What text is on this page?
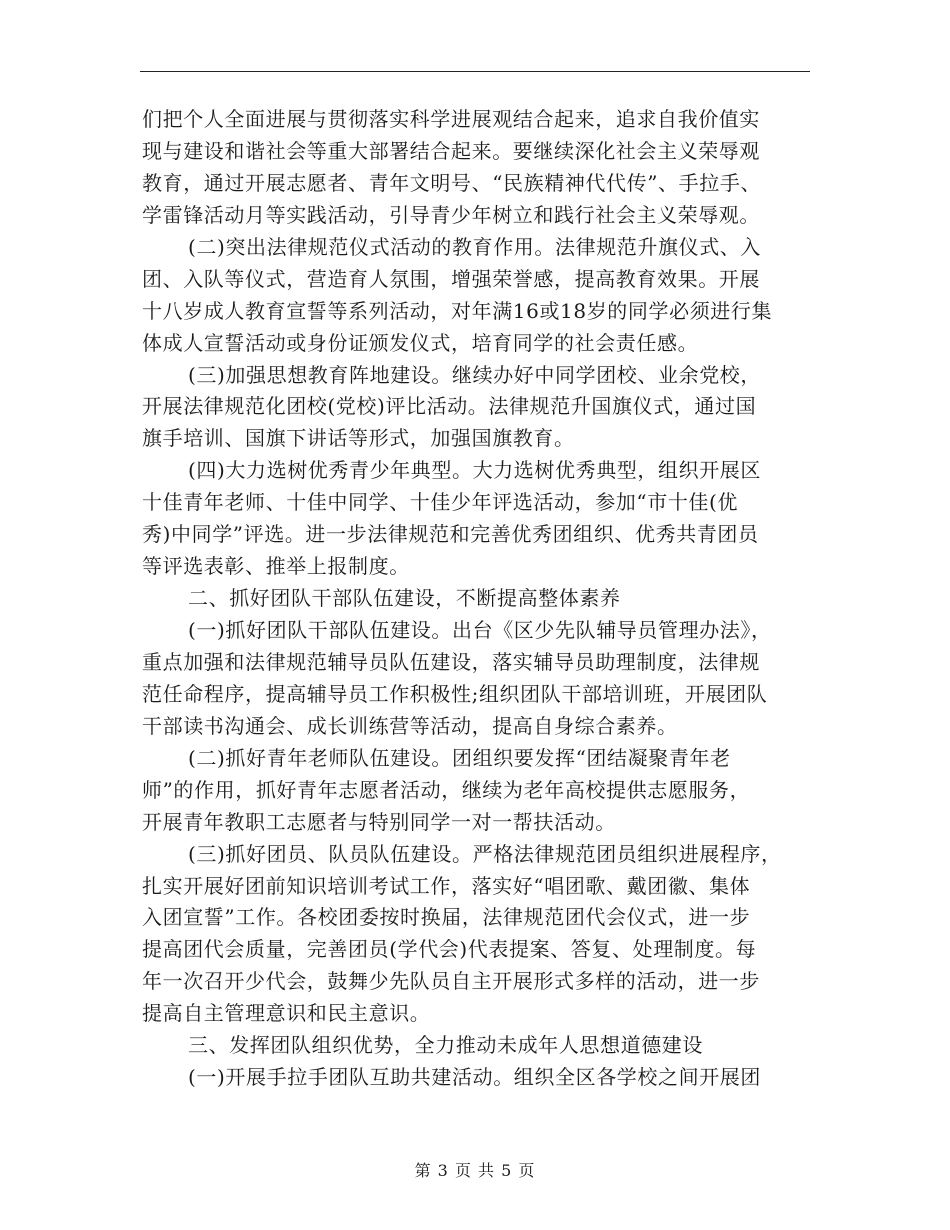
们把个人全面进展与贯彻落实科学进展观结合起来，追求自我价值实
现与建设和谐社会等重大部署结合起来。要继续深化社会主义荣辱观
教育，通过开展志愿者、青年文明号、“民族精神代代传”、手拉手、
学雷锋活动月等实践活动，引导青少年树立和践行社会主义荣辱观。
(二)突出法律规范仪式活动的教育作用。法律规范升旗仪式、入
团、入队等仪式，营造育人氛围，增强荣誉感，提高教育效果。开展
十八岁成人教育宣誓等系列活动，对年满16或18岁的同学必须进行集
体成人宣誓活动或身份证颁发仪式，培育同学的社会责任感。
(三)加强思想教育阵地建设。继续办好中同学团校、业余党校，
开展法律规范化团校(党校)评比活动。法律规范升国旗仪式，通过国
旗手培训、国旗下讲话等形式，加强国旗教育。
(四)大力选树优秀青少年典型。大力选树优秀典型，组织开展区
十佳青年老师、十佳中同学、十佳少年评选活动，参加“市十佳(优
秀)中同学”评选。进一步法律规范和完善优秀团组织、优秀共青团员
等评选表彰、推举上报制度。
二、抓好团队干部队伍建设，不断提高整体素养
(一)抓好团队干部队伍建设。出台《区少先队辅导员管理办法》，
重点加强和法律规范辅导员队伍建设，落实辅导员助理制度，法律规
范任命程序，提高辅导员工作积极性;组织团队干部培训班，开展团队
干部读书沟通会、成长训练营等活动，提高自身综合素养。
(二)抓好青年老师队伍建设。团组织要发挥“团结凝聚青年老
师”的作用，抓好青年志愿者活动，继续为老年高校提供志愿服务，
开展青年教职工志愿者与特别同学一对一帮扶活动。
(三)抓好团员、队员队伍建设。严格法律规范团员组织进展程序，
扎实开展好团前知识培训考试工作，落实好“唱团歌、戴团徽、集体
入团宣誓”工作。各校团委按时换届，法律规范团代会仪式，进一步
提高团代会质量，完善团员(学代会)代表提案、答复、处理制度。每
年一次召开少代会，鼓舞少先队员自主开展形式多样的活动，进一步
提高自主管理意识和民主意识。
三、发挥团队组织优势，全力推动未成年人思想道德建设
(一)开展手拉手团队互助共建活动。组织全区各学校之间开展团
第 3 页 共 5 页
